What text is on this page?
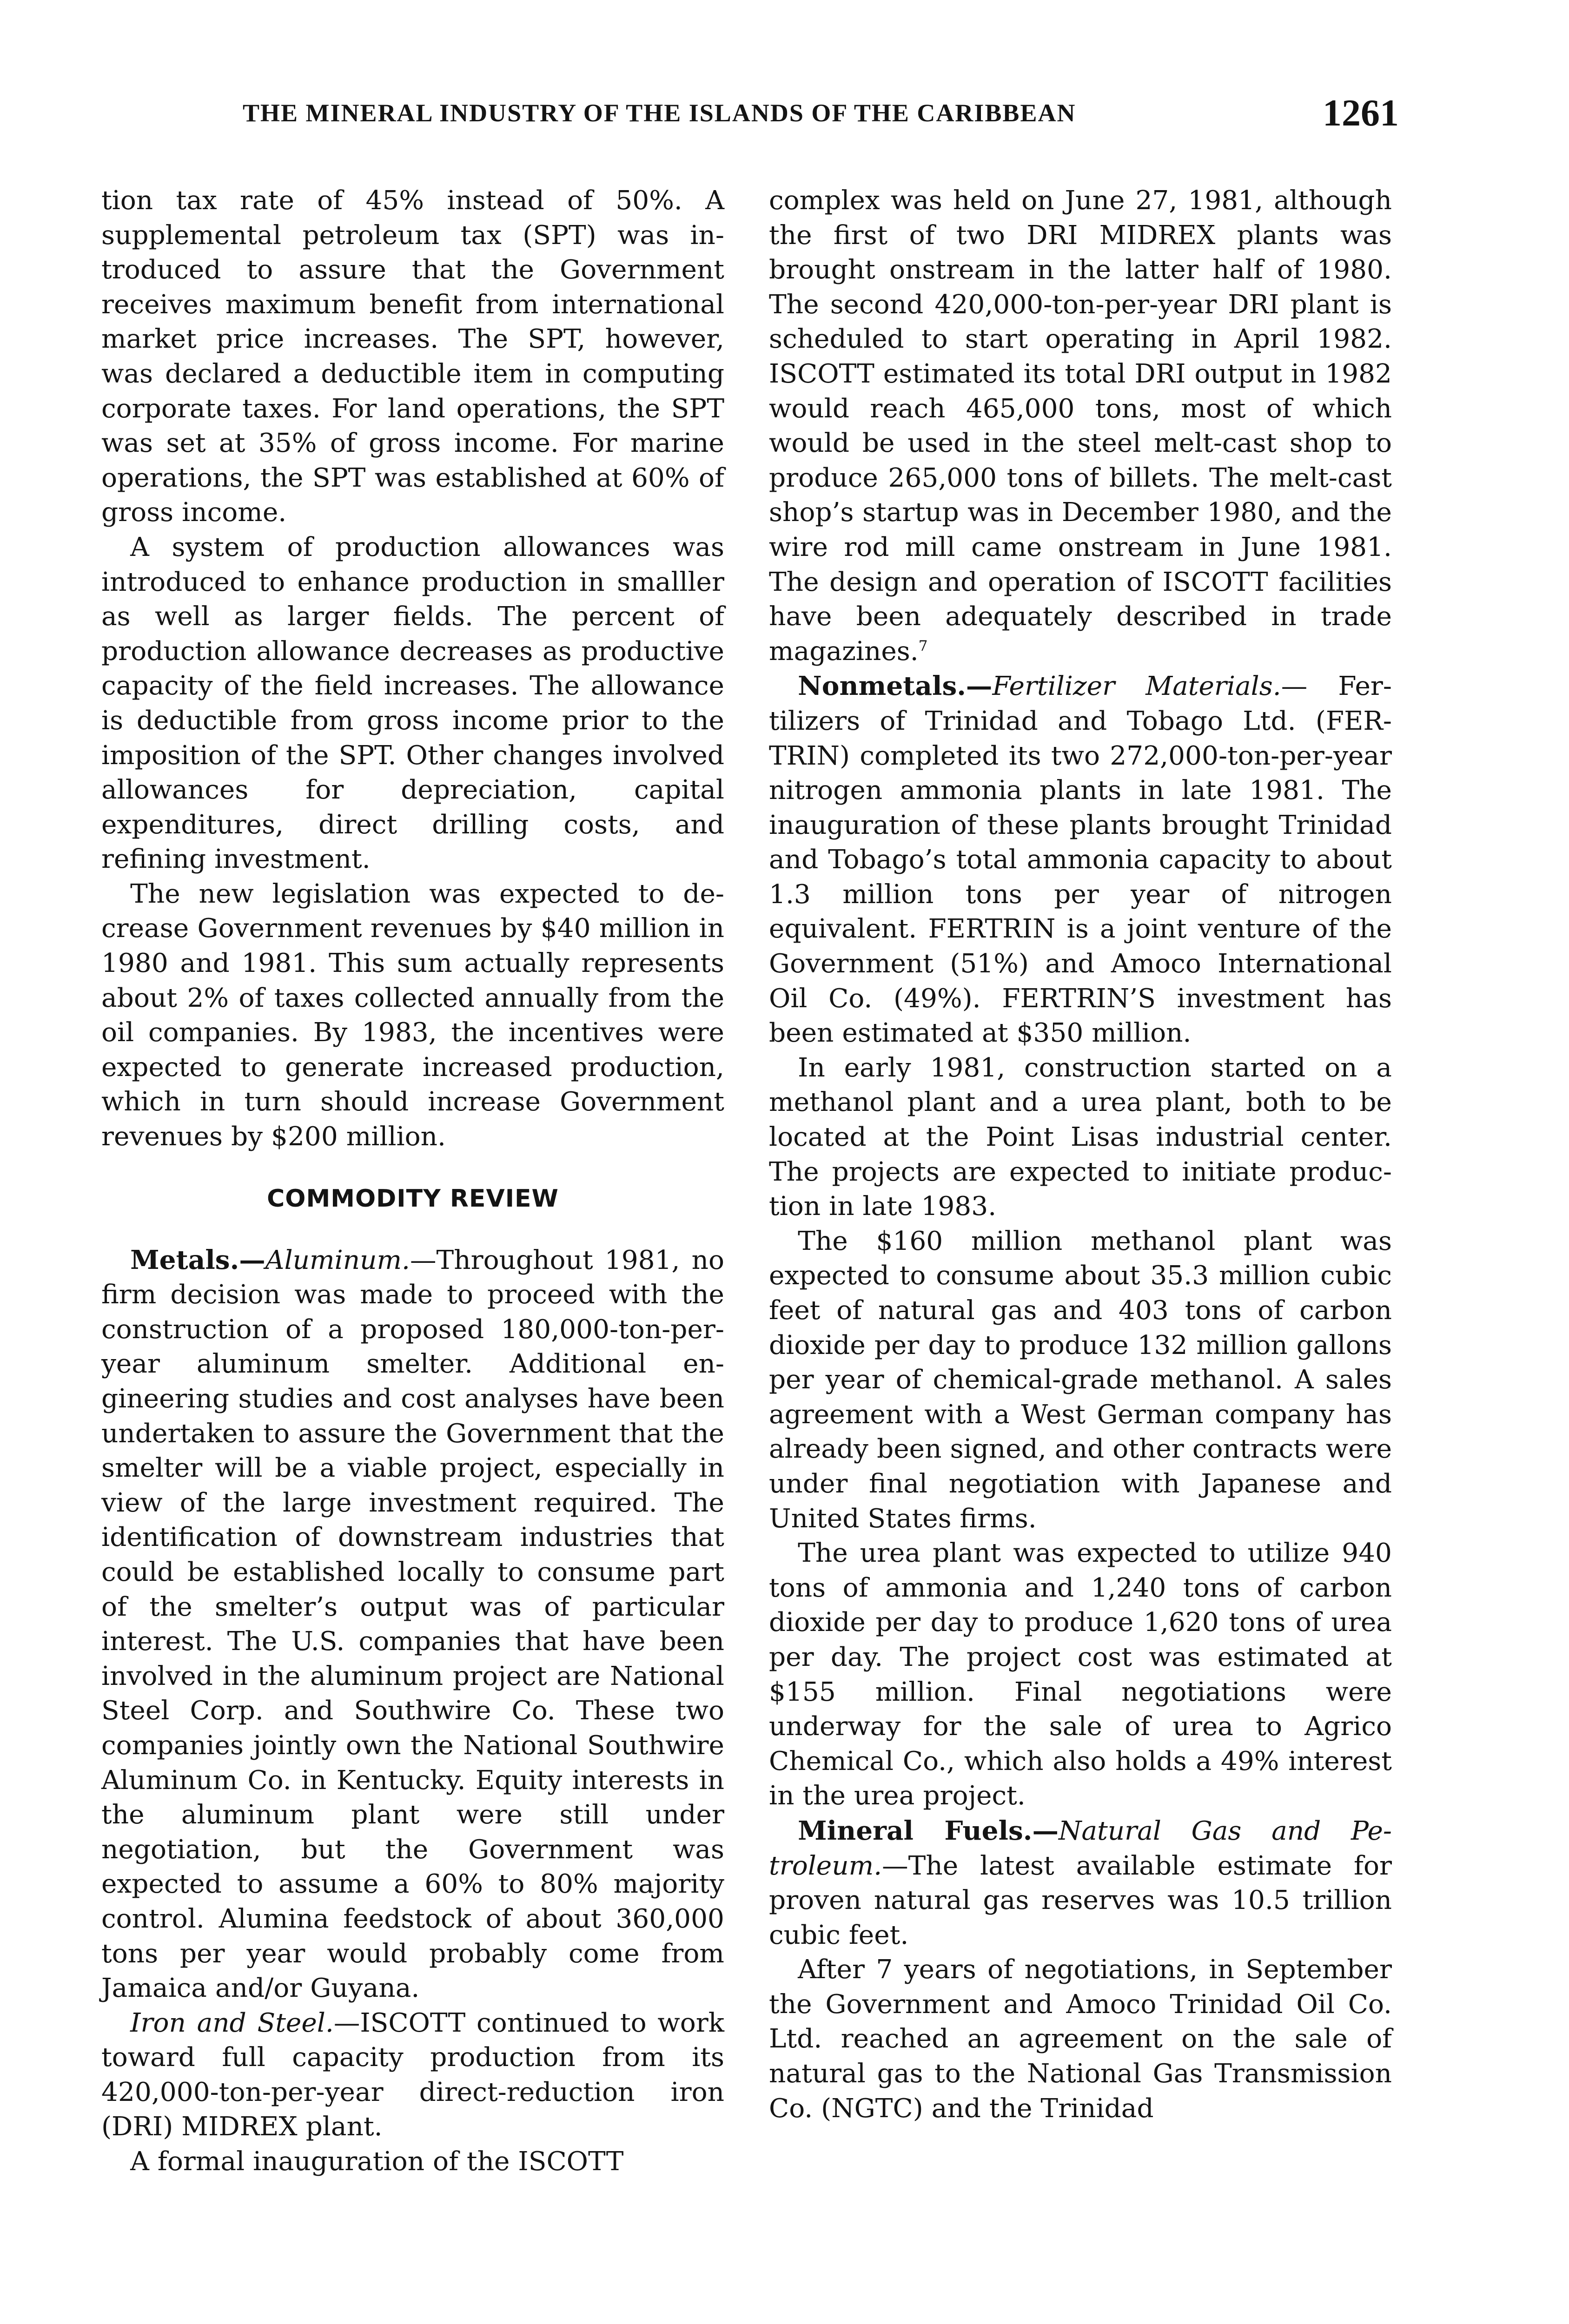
THE MINERAL INDUSTRY OF THE ISLANDS OF THE CARIBBEAN	1261

tion tax rate of 45% instead of 50%. A supplemental petroleum tax (SPT) was introduced to assure that the Government receives maximum benefit from international market price increases. The SPT, however, was declared a deductible item in computing corporate taxes. For land operations, the SPT was set at 35% of gross income. For marine operations, the SPT was established at 60% of gross income.

A system of production allowances was introduced to enhance production in smalller as well as larger fields. The percent of production allowance decreases as productive capacity of the field increases. The allowance is deductible from gross income prior to the imposition of the SPT. Other changes involved allowances for depreciation, capital expenditures, direct drilling costs, and refining investment.

The new legislation was expected to decrease Government revenues by $40 million in 1980 and 1981. This sum actually represents about 2% of taxes collected annually from the oil companies. By 1983, the incentives were expected to generate increased production, which in turn should increase Government revenues by $200 million.

COMMODITY REVIEW

Metals.—Aluminum.—Throughout 1981, no firm decision was made to proceed with the construction of a proposed 180,000-ton-per-year aluminum smelter. Additional engineering studies and cost analyses have been undertaken to assure the Government that the smelter will be a viable project, especially in view of the large investment required. The identification of downstream industries that could be established locally to consume part of the smelter’s output was of particular interest. The U.S. companies that have been involved in the aluminum project are National Steel Corp. and Southwire Co. These two companies jointly own the National Southwire Aluminum Co. in Kentucky. Equity interests in the aluminum plant were still under negotiation, but the Government was expected to assume a 60% to 80% majority control. Alumina feedstock of about 360,000 tons per year would probably come from Jamaica and/or Guyana.

Iron and Steel.—ISCOTT continued to work toward full capacity production from its 420,000-ton-per-year direct-reduction iron (DRI) MIDREX plant.

A formal inauguration of the ISCOTT

complex was held on June 27, 1981, although the first of two DRI MIDREX plants was brought onstream in the latter half of 1980. The second 420,000-ton-per-year DRI plant is scheduled to start operating in April 1982. ISCOTT estimated its total DRI output in 1982 would reach 465,000 tons, most of which would be used in the steel melt-cast shop to produce 265,000 tons of billets. The melt-cast shop’s startup was in December 1980, and the wire rod mill came onstream in June 1981. The design and operation of ISCOTT facilities have been adequately described in trade magazines.$^7$

Nonmetals.—Fertilizer Materials.— Fertilizers of Trinidad and Tobago Ltd. (FERTRIN) completed its two 272,000-ton-per-year nitrogen ammonia plants in late 1981. The inauguration of these plants brought Trinidad and Tobago’s total ammonia capacity to about 1.3 million tons per year of nitrogen equivalent. FERTRIN is a joint venture of the Government (51%) and Amoco International Oil Co. (49%). FERTRIN’S investment has been estimated at $350 million.

In early 1981, construction started on a methanol plant and a urea plant, both to be located at the Point Lisas industrial center. The projects are expected to initiate production in late 1983.

The $160 million methanol plant was expected to consume about 35.3 million cubic feet of natural gas and 403 tons of carbon dioxide per day to produce 132 million gallons per year of chemical-grade methanol. A sales agreement with a West German company has already been signed, and other contracts were under final negotiation with Japanese and United States firms.

The urea plant was expected to utilize 940 tons of ammonia and 1,240 tons of carbon dioxide per day to produce 1,620 tons of urea per day. The project cost was estimated at $155 million. Final negotiations were underway for the sale of urea to Agrico Chemical Co., which also holds a 49% interest in the urea project.

Mineral Fuels.—Natural Gas and Petroleum.—The latest available estimate for proven natural gas reserves was 10.5 trillion cubic feet.

After 7 years of negotiations, in September the Government and Amoco Trinidad Oil Co. Ltd. reached an agreement on the sale of natural gas to the National Gas Transmission Co. (NGTC) and the Trinidad
